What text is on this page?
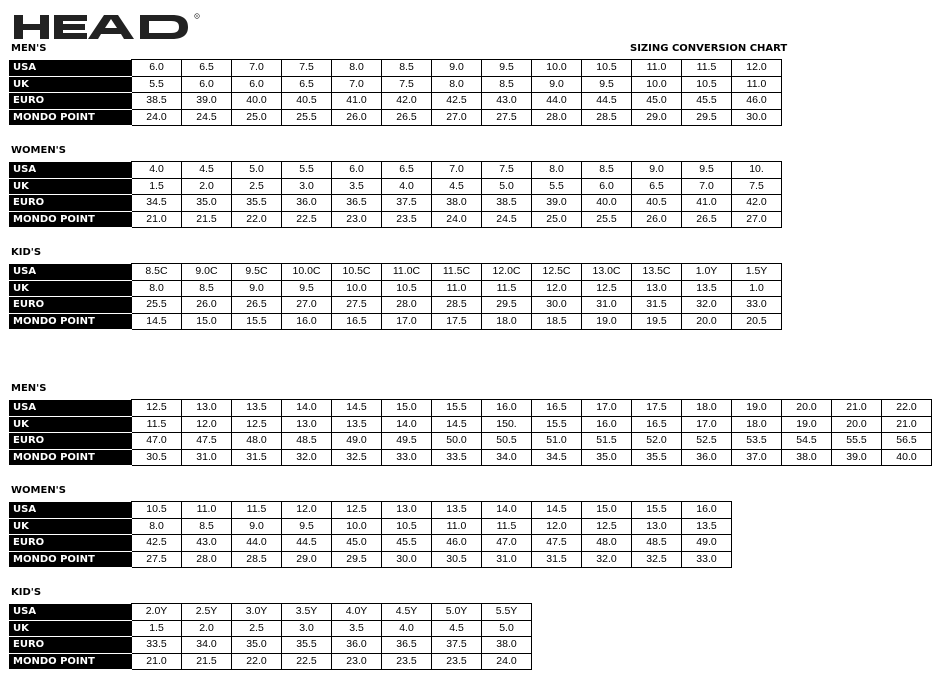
R
SIZING CONVERSION CHART
MEN'S
USA	6.0	6.5	7.0	7.5	8.0	8.5	9.0	9.5	10.0	10.5	11.0	11.5	12.0
UK	5.5	6.0	6.0	6.5	7.0	7.5	8.0	8.5	9.0	9.5	10.0	10.5	11.0
EURO	38.5	39.0	40.0	40.5	41.0	42.0	42.5	43.0	44.0	44.5	45.0	45.5	46.0
MONDO POINT	24.0	24.5	25.0	25.5	26.0	26.5	27.0	27.5	28.0	28.5	29.0	29.5	30.0
WOMEN'S
USA	4.0	4.5	5.0	5.5	6.0	6.5	7.0	7.5	8.0	8.5	9.0	9.5	10.
UK	1.5	2.0	2.5	3.0	3.5	4.0	4.5	5.0	5.5	6.0	6.5	7.0	7.5
EURO	34.5	35.0	35.5	36.0	36.5	37.5	38.0	38.5	39.0	40.0	40.5	41.0	42.0
MONDO POINT	21.0	21.5	22.0	22.5	23.0	23.5	24.0	24.5	25.0	25.5	26.0	26.5	27.0
KID'S
USA	8.5C	9.0C	9.5C	10.0C	10.5C	11.0C	11.5C	12.0C	12.5C	13.0C	13.5C	1.0Y	1.5Y
UK	8.0	8.5	9.0	9.5	10.0	10.5	11.0	11.5	12.0	12.5	13.0	13.5	1.0
EURO	25.5	26.0	26.5	27.0	27.5	28.0	28.5	29.5	30.0	31.0	31.5	32.0	33.0
MONDO POINT	14.5	15.0	15.5	16.0	16.5	17.0	17.5	18.0	18.5	19.0	19.5	20.0	20.5
MEN'S
USA	12.5	13.0	13.5	14.0	14.5	15.0	15.5	16.0	16.5	17.0	17.5	18.0	19.0	20.0	21.0	22.0
UK	11.5	12.0	12.5	13.0	13.5	14.0	14.5	150.	15.5	16.0	16.5	17.0	18.0	19.0	20.0	21.0
EURO	47.0	47.5	48.0	48.5	49.0	49.5	50.0	50.5	51.0	51.5	52.0	52.5	53.5	54.5	55.5	56.5
MONDO POINT	30.5	31.0	31.5	32.0	32.5	33.0	33.5	34.0	34.5	35.0	35.5	36.0	37.0	38.0	39.0	40.0
WOMEN'S
USA	10.5	11.0	11.5	12.0	12.5	13.0	13.5	14.0	14.5	15.0	15.5	16.0
UK	8.0	8.5	9.0	9.5	10.0	10.5	11.0	11.5	12.0	12.5	13.0	13.5
EURO	42.5	43.0	44.0	44.5	45.0	45.5	46.0	47.0	47.5	48.0	48.5	49.0
MONDO POINT	27.5	28.0	28.5	29.0	29.5	30.0	30.5	31.0	31.5	32.0	32.5	33.0
KID'S
USA	2.0Y	2.5Y	3.0Y	3.5Y	4.0Y	4.5Y	5.0Y	5.5Y
UK	1.5	2.0	2.5	3.0	3.5	4.0	4.5	5.0
EURO	33.5	34.0	35.0	35.5	36.0	36.5	37.5	38.0
MONDO POINT	21.0	21.5	22.0	22.5	23.0	23.5	23.5	24.0
